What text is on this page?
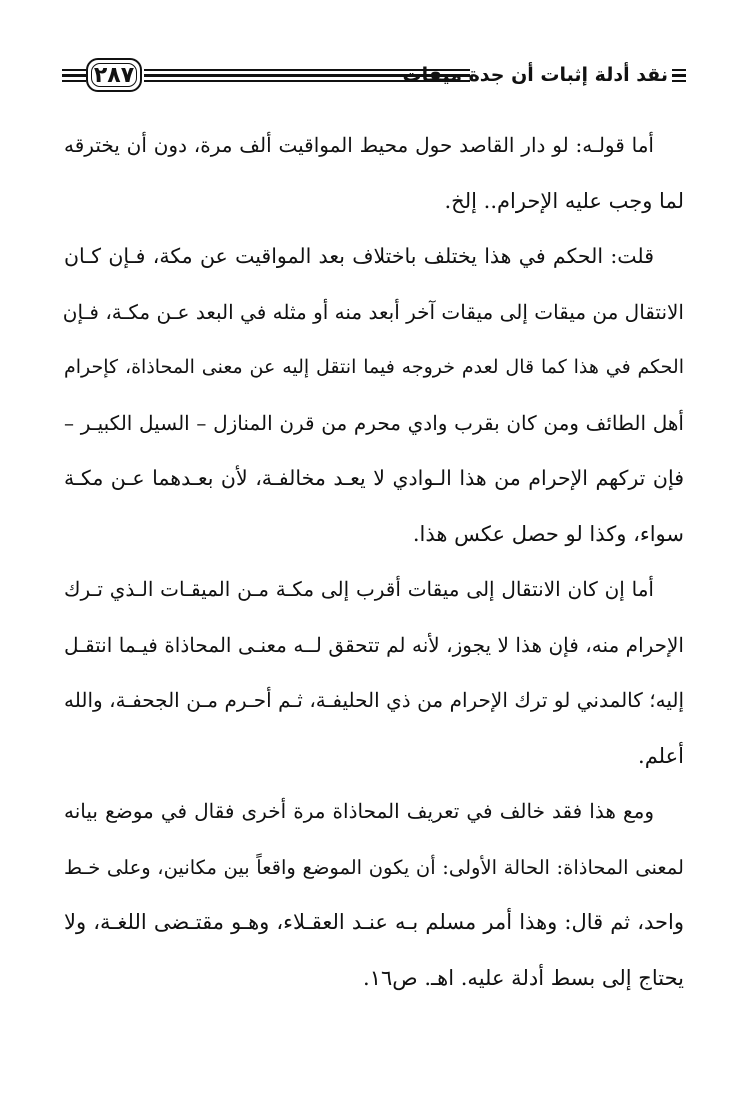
٢٨٧	نقد أدلة إثبات أن جدة ميقات
أما قولـه: لو دار القاصد حول محيط المواقيت ألف مرة، دون أن يخترقه
لما وجب عليه الإحرام.. إلخ.
قلت: الحكم في هذا يختلف باختلاف بعد المواقيت عن مكة، فـإن كـان
الانتقال من ميقات إلى ميقات آخر أبعد منه أو مثله في البعد عـن مكـة، فـإن
الحكم في هذا كما قال لعدم خروجه فيما انتقل إليه عن معنى المحاذاة، كإحرام
أهل الطائف ومن كان بقرب وادي محرم من قرن المنازل – السيل الكبيـر –
فإن تركهم الإحرام من هذا الـوادي لا يعـد مخالفـة، لأن بعـدهما عـن مكـة
سواء، وكذا لو حصل عكس هذا.
أما إن كان الانتقال إلى ميقات أقرب إلى مكـة مـن الميقـات الـذي تـرك
الإحرام منه، فإن هذا لا يجوز، لأنه لم تتحقق لــه معنـى المحاذاة فيـما انتقـل
إليه؛ كالمدني لو ترك الإحرام من ذي الحليفـة، ثـم أحـرم مـن الجحفـة، والله
أعلم.
ومع هذا فقد خالف في تعريف المحاذاة مرة أخرى فقال في موضع بيانه
لمعنى المحاذاة: الحالة الأولى: أن يكون الموضع واقعاً بين مكانين، وعلى خـط
واحد، ثم قال: وهذا أمر مسلم بـه عنـد العقـلاء، وهـو مقتـضى اللغـة، ولا
يحتاج إلى بسط أدلة عليه. اهـ. ص١٦.
